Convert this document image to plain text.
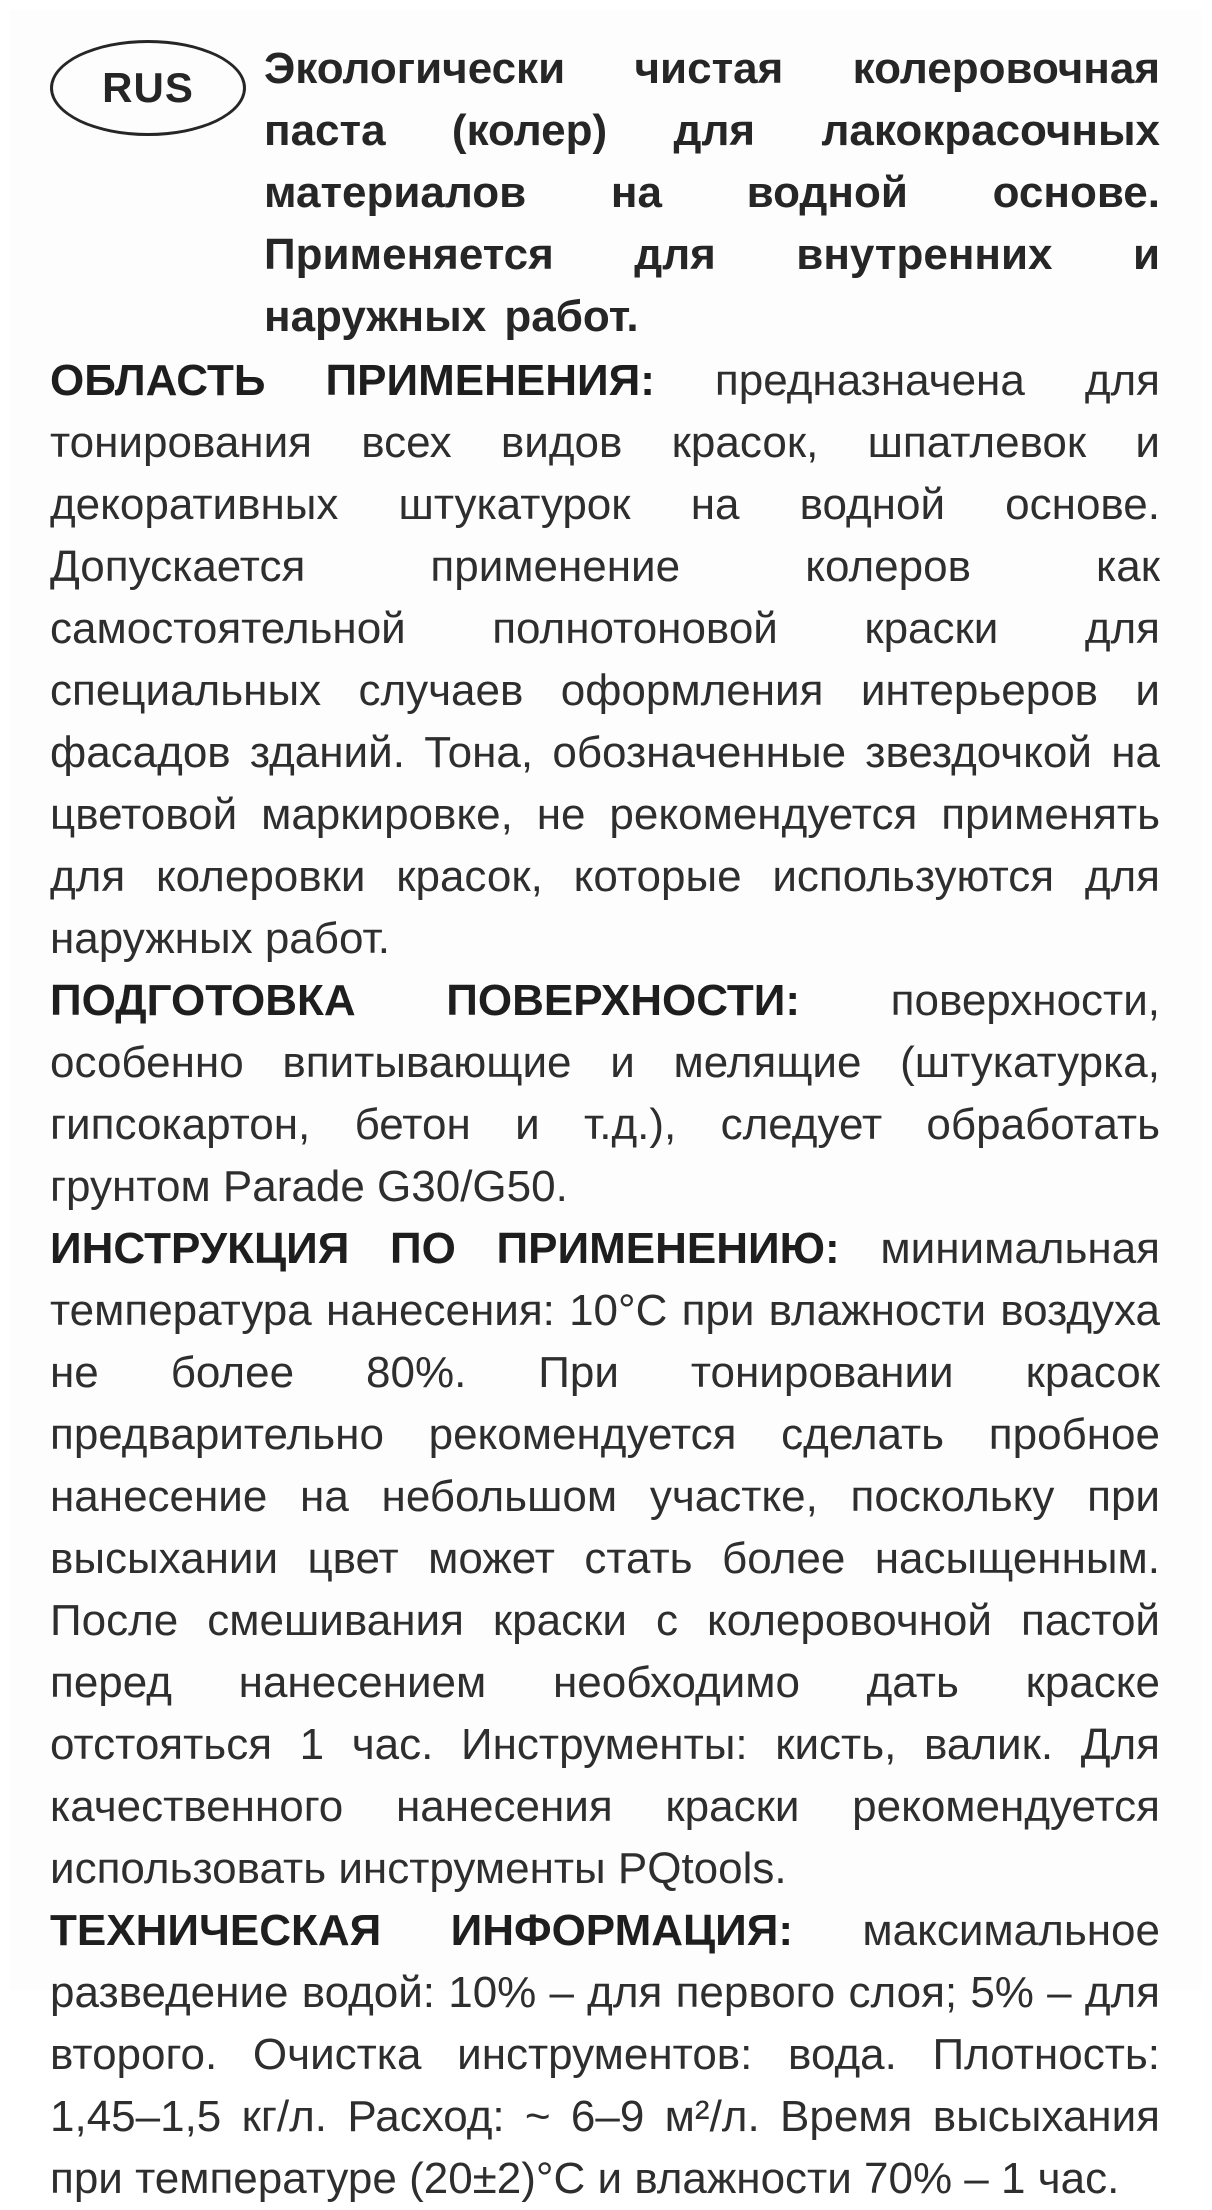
RUS	Экологически чистая колеровочная паста (колер) для лакокрасочных материалов на водной основе. Применяется для внутренних и наружных работ.

ОБЛАСТЬ ПРИМЕНЕНИЯ: предназначена для тонирования всех видов красок, шпатлевок и декоративных штукатурок на водной основе. Допускается применение колеров как самостоятельной полнотоновой краски для специальных случаев оформления интерьеров и фасадов зданий. Тона, обозначенные звездочкой на цветовой маркировке, не рекомендуется применять для колеровки красок, которые используются для наружных работ.

ПОДГОТОВКА ПОВЕРХНОСТИ: поверхности, особенно впитывающие и мелящие (штукатурка, гипсокартон, бетон и т.д.), следует обработать грунтом Parade G30/G50.

ИНСТРУКЦИЯ ПО ПРИМЕНЕНИЮ: минимальная температура нанесения: 10°С при влажности воздуха не более 80%. При тонировании красок предварительно рекомендуется сделать пробное нанесение на небольшом участке, поскольку при высыхании цвет может стать более насыщенным. После смешивания краски с колеровочной пастой перед нанесением необходимо дать краске отстояться 1 час. Инструменты: кисть, валик. Для качественного нанесения краски рекомендуется использовать инструменты PQtools.

ТЕХНИЧЕСКАЯ ИНФОРМАЦИЯ: максимальное разведение водой: 10% – для первого слоя; 5% – для второго. Очистка инструментов: вода. Плотность: 1,45–1,5 кг/л. Расход: ~ 6–9 м²/л. Время высыхания при температуре (20±2)°С и влажности 70% – 1 час.
